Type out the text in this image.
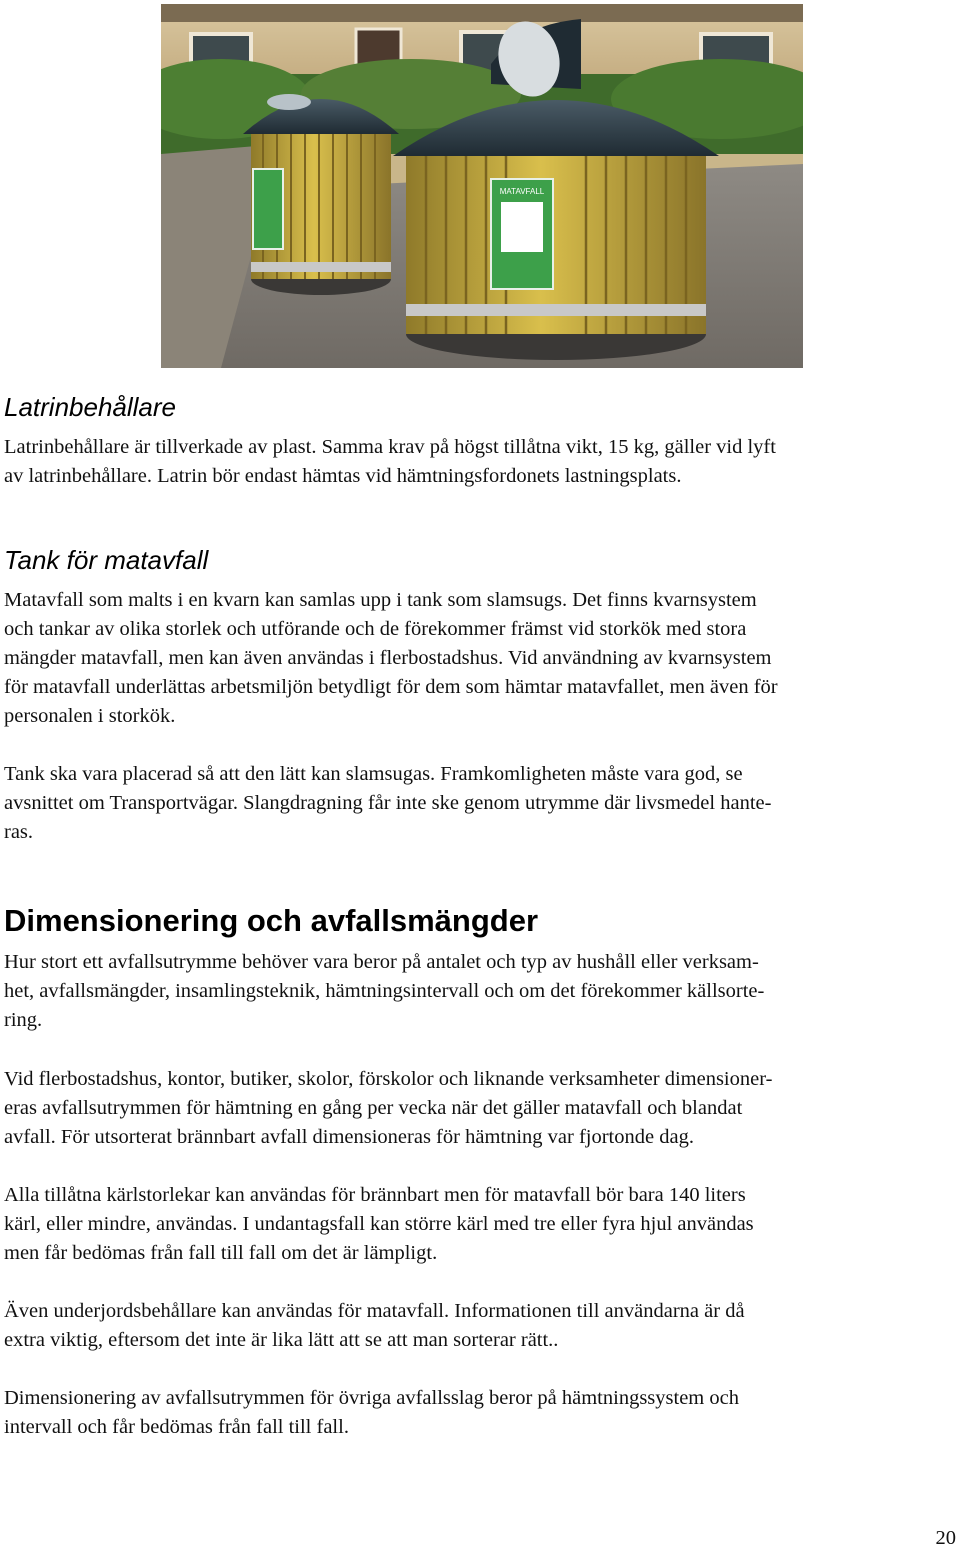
MATAVFALL
Latrinbehållare

Latrinbehållare är tillverkade av plast. Samma krav på högst tillåtna vikt, 15 kg, gäller vid lyft
av latrinbehållare. Latrin bör endast hämtas vid hämtningsfordonets lastningsplats.

Tank för matavfall

Matavfall som malts i en kvarn kan samlas upp i tank som slamsugs. Det finns kvarnsystem
och tankar av olika storlek och utförande och de förekommer främst vid storkök med stora
mängder matavfall, men kan även användas i flerbostadshus. Vid användning av kvarnsystem
för matavfall underlättas arbetsmiljön betydligt för dem som hämtar matavfallet, men även för
personalen i storkök.

Tank ska vara placerad så att den lätt kan slamsugas. Framkomligheten måste vara god, se
avsnittet om Transportvägar. Slangdragning får inte ske genom utrymme där livsmedel hante-
ras.

Dimensionering och avfallsmängder

Hur stort ett avfallsutrymme behöver vara beror på antalet och typ av hushåll eller verksam-
het, avfallsmängder, insamlingsteknik, hämtningsintervall och om det förekommer källsorte-
ring.

Vid flerbostadshus, kontor, butiker, skolor, förskolor och liknande verksamheter dimensioner-
eras avfallsutrymmen för hämtning en gång per vecka när det gäller matavfall och blandat
avfall. För utsorterat brännbart avfall dimensioneras för hämtning var fjortonde dag.

Alla tillåtna kärlstorlekar kan användas för brännbart men för matavfall bör bara 140 liters
kärl, eller mindre, användas. I undantagsfall kan större kärl med tre eller fyra hjul användas
men får bedömas från fall till fall om det är lämpligt.

Även underjordsbehållare kan användas för matavfall. Informationen till användarna är då
extra viktig, eftersom det inte är lika lätt att se att man sorterar rätt..

Dimensionering av avfallsutrymmen för övriga avfallsslag beror på hämtningssystem och
intervall och får bedömas från fall till fall.

20
